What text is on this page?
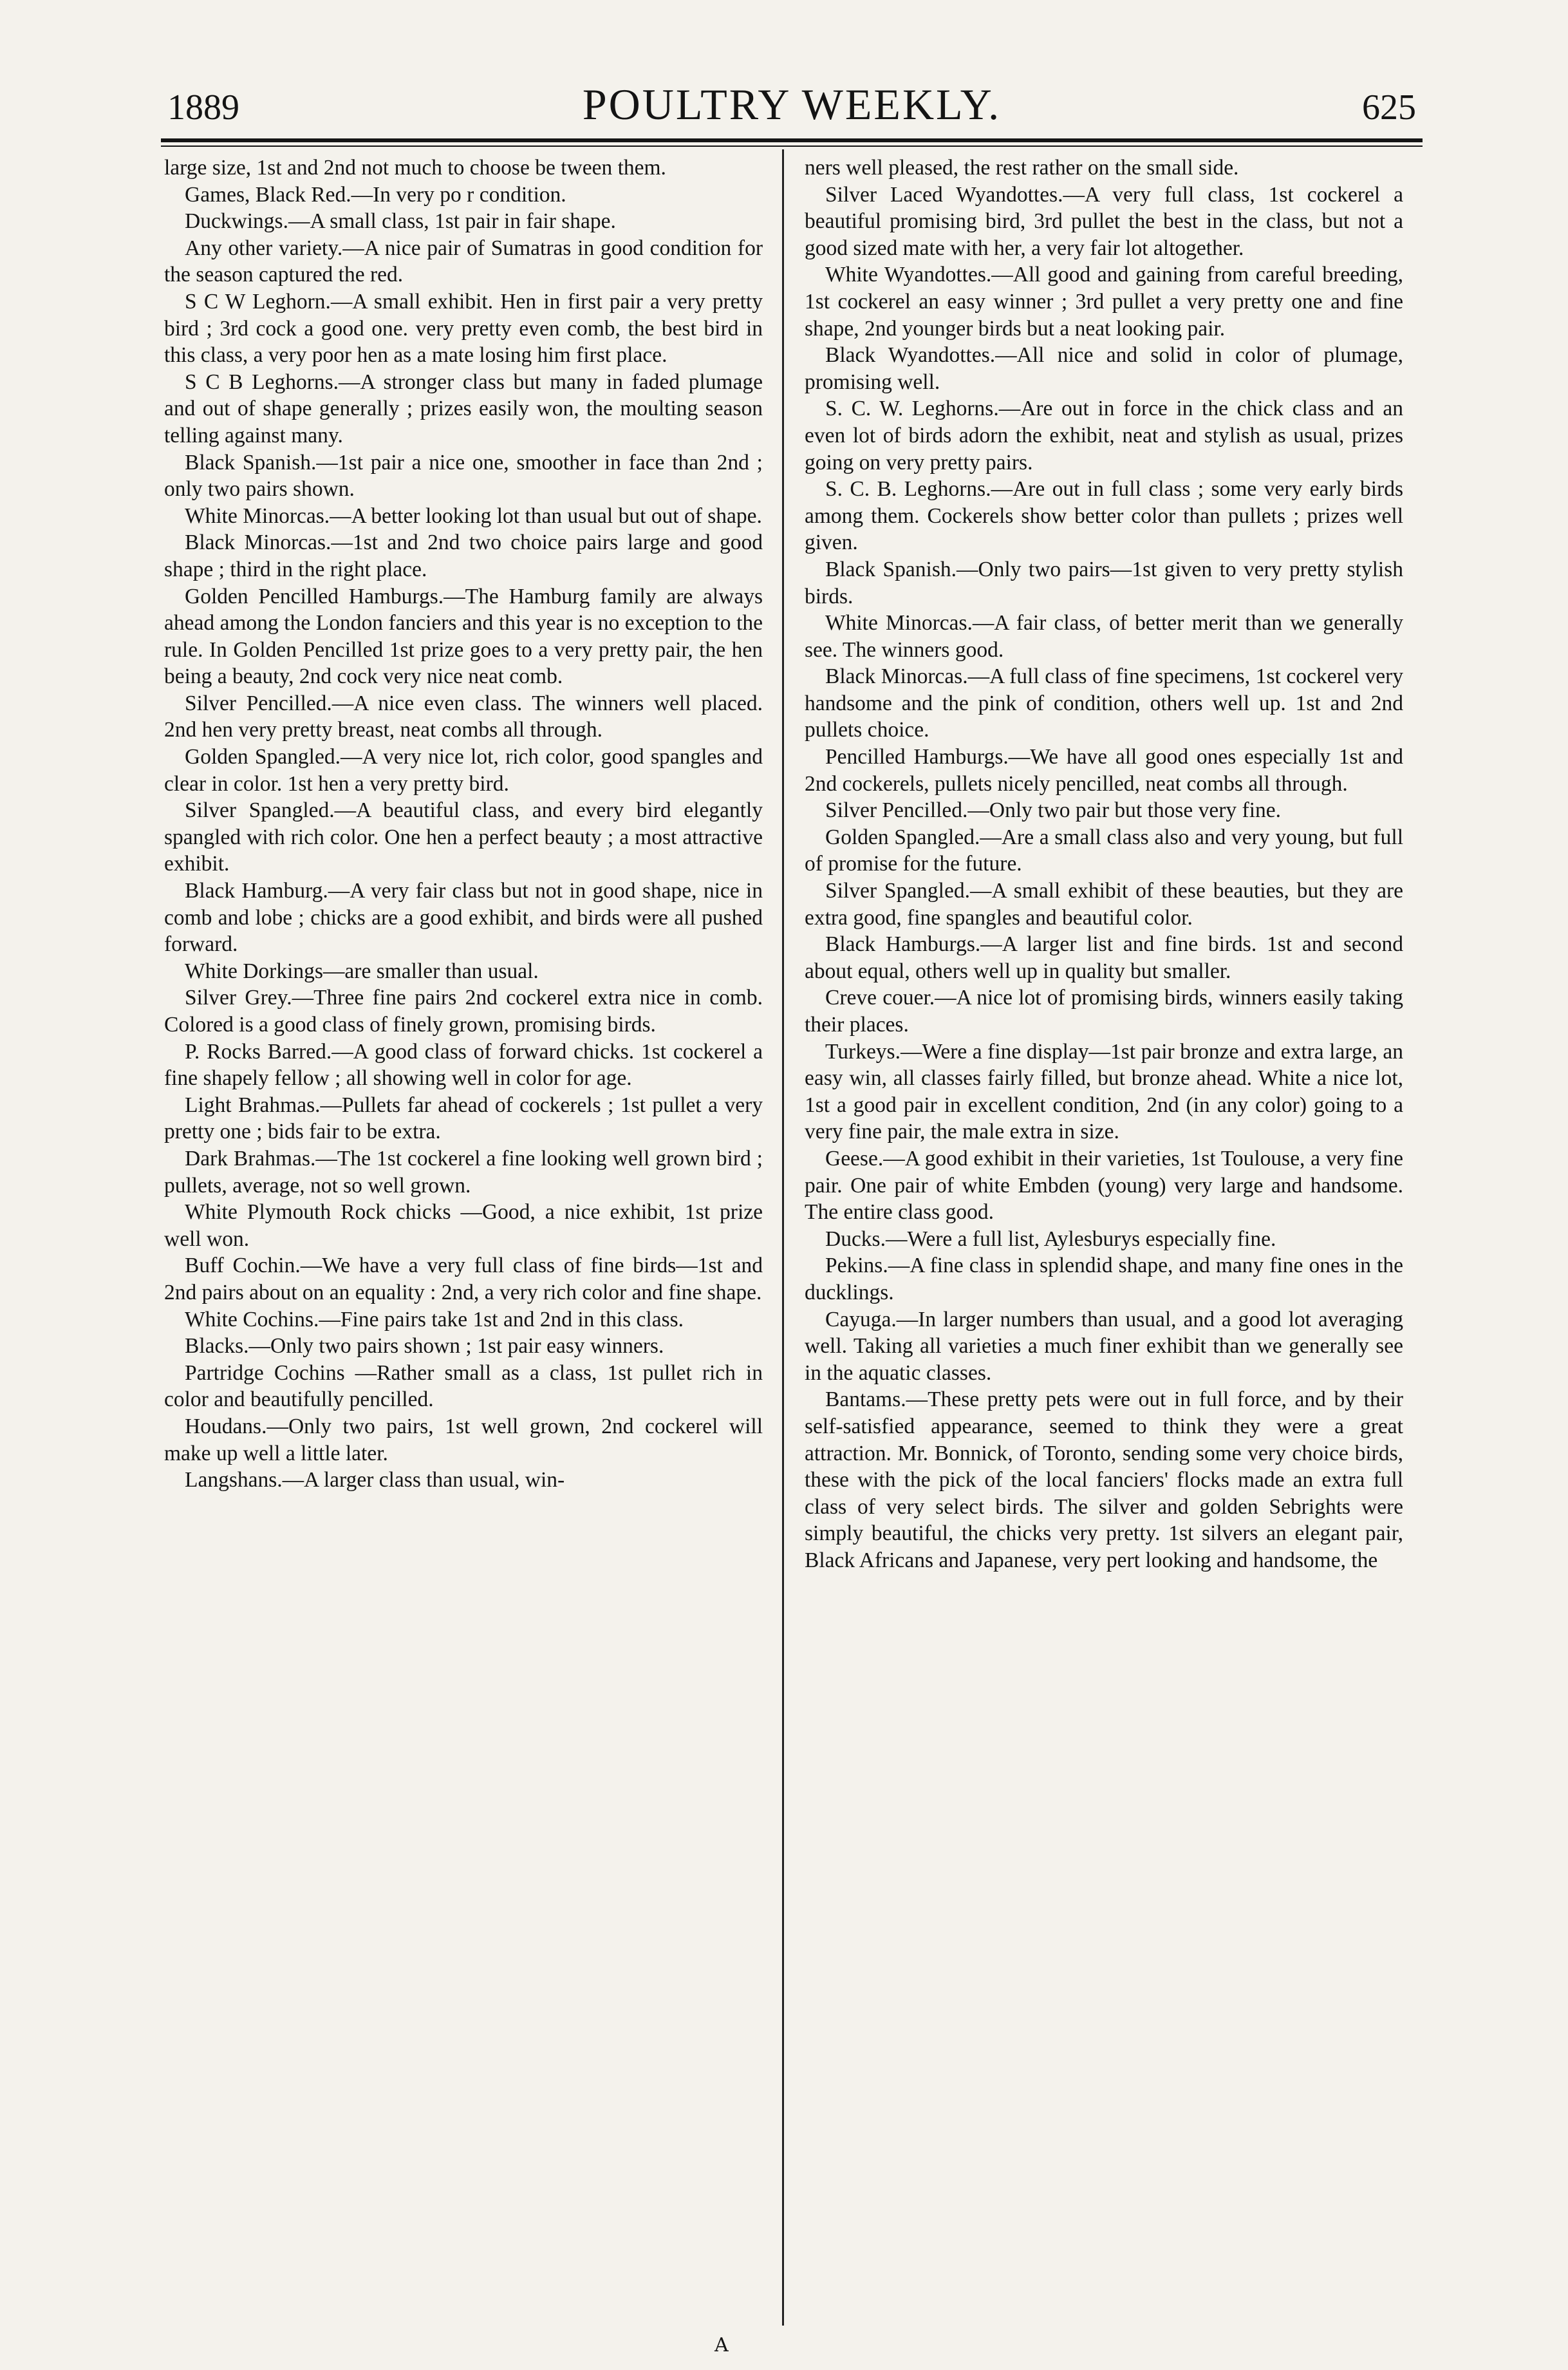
1889	POULTRY WEEKLY.	625

large size, 1st and 2nd not much to choose be tween them.

Games, Black Red.—In very po r condition.

Duckwings.—A small class, 1st pair in fair shape.

Any other variety.—A nice pair of Sumatras in good condition for the season captured the red.

S C W Leghorn.—A small exhibit. Hen in first pair a very pretty bird ; 3rd cock a good one. very pretty even comb, the best bird in this class, a very poor hen as a mate losing him first place.

S C B Leghorns.—A stronger class but many in faded plumage and out of shape generally ; prizes easily won, the moulting season telling against many.

Black Spanish.—1st pair a nice one, smoother in face than 2nd ; only two pairs shown.

White Minorcas.—A better looking lot than usual but out of shape.

Black Minorcas.—1st and 2nd two choice pairs large and good shape ; third in the right place.

Golden Pencilled Hamburgs.—The Hamburg family are always ahead among the London fanciers and this year is no exception to the rule. In Golden Pencilled 1st prize goes to a very pretty pair, the hen being a beauty, 2nd cock very nice neat comb.

Silver Pencilled.—A nice even class. The winners well placed. 2nd hen very pretty breast, neat combs all through.

Golden Spangled.—A very nice lot, rich color, good spangles and clear in color. 1st hen a very pretty bird.

Silver Spangled.—A beautiful class, and every bird elegantly spangled with rich color. One hen a perfect beauty ; a most attractive exhibit.

Black Hamburg.—A very fair class but not in good shape, nice in comb and lobe ; chicks are a good exhibit, and birds were all pushed forward.

White Dorkings—are smaller than usual.

Silver Grey.—Three fine pairs 2nd cockerel extra nice in comb. Colored is a good class of finely grown, promising birds.

P. Rocks Barred.—A good class of forward chicks. 1st cockerel a fine shapely fellow ; all showing well in color for age.

Light Brahmas.—Pullets far ahead of cockerels ; 1st pullet a very pretty one ; bids fair to be extra.

Dark Brahmas.—The 1st cockerel a fine looking well grown bird ; pullets, average, not so well grown.

White Plymouth Rock chicks —Good, a nice exhibit, 1st prize well won.

Buff Cochin.—We have a very full class of fine birds—1st and 2nd pairs about on an equality : 2nd, a very rich color and fine shape.

White Cochins.—Fine pairs take 1st and 2nd in this class.

Blacks.—Only two pairs shown ; 1st pair easy winners.

Partridge Cochins —Rather small as a class, 1st pullet rich in color and beautifully pencilled.

Houdans.—Only two pairs, 1st well grown, 2nd cockerel will make up well a little later.

Langshans.—A larger class than usual, win-

ners well pleased, the rest rather on the small side.

Silver Laced Wyandottes.—A very full class, 1st cockerel a beautiful promising bird, 3rd pullet the best in the class, but not a good sized mate with her, a very fair lot altogether.

White Wyandottes.—All good and gaining from careful breeding, 1st cockerel an easy winner ; 3rd pullet a very pretty one and fine shape, 2nd younger birds but a neat looking pair.

Black Wyandottes.—All nice and solid in color of plumage, promising well.

S. C. W. Leghorns.—Are out in force in the chick class and an even lot of birds adorn the exhibit, neat and stylish as usual, prizes going on very pretty pairs.

S. C. B. Leghorns.—Are out in full class ; some very early birds among them. Cockerels show better color than pullets ; prizes well given.

Black Spanish.—Only two pairs—1st given to very pretty stylish birds.

White Minorcas.—A fair class, of better merit than we generally see. The winners good.

Black Minorcas.—A full class of fine specimens, 1st cockerel very handsome and the pink of condition, others well up. 1st and 2nd pullets choice.

Pencilled Hamburgs.—We have all good ones especially 1st and 2nd cockerels, pullets nicely pencilled, neat combs all through.

Silver Pencilled.—Only two pair but those very fine.

Golden Spangled.—Are a small class also and very young, but full of promise for the future.

Silver Spangled.—A small exhibit of these beauties, but they are extra good, fine spangles and beautiful color.

Black Hamburgs.—A larger list and fine birds. 1st and second about equal, others well up in quality but smaller.

Creve couer.—A nice lot of promising birds, winners easily taking their places.

Turkeys.—Were a fine display—1st pair bronze and extra large, an easy win, all classes fairly filled, but bronze ahead. White a nice lot, 1st a good pair in excellent condition, 2nd (in any color) going to a very fine pair, the male extra in size.

Geese.—A good exhibit in their varieties, 1st Toulouse, a very fine pair. One pair of white Embden (young) very large and handsome. The entire class good.

Ducks.—Were a full list, Aylesburys especially fine.

Pekins.—A fine class in splendid shape, and many fine ones in the ducklings.

Cayuga.—In larger numbers than usual, and a good lot averaging well. Taking all varieties a much finer exhibit than we generally see in the aquatic classes.

Bantams.—These pretty pets were out in full force, and by their self-satisfied appearance, seemed to think they were a great attraction. Mr. Bonnick, of Toronto, sending some very choice birds, these with the pick of the local fanciers' flocks made an extra full class of very select birds. The silver and golden Sebrights were simply beautiful, the chicks very pretty. 1st silvers an elegant pair, Black Africans and Japanese, very pert looking and handsome, the

A
